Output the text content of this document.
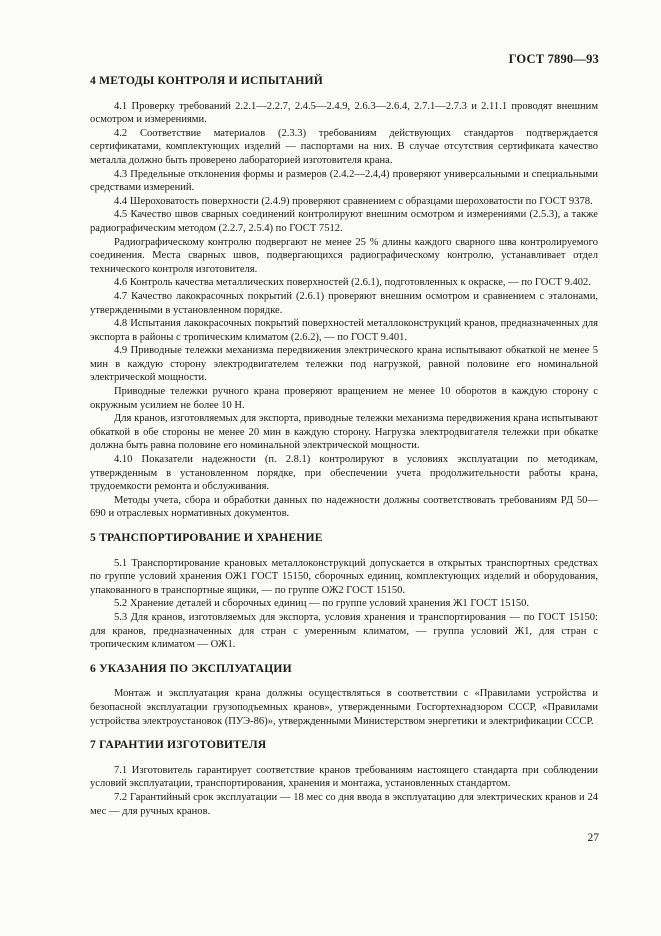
ГОСТ 7890—93
4 МЕТОДЫ КОНТРОЛЯ И ИСПЫТАНИЙ

4.1 Проверку требований 2.2.1—2.2.7, 2.4.5—2.4.9, 2.6.3—2.6.4, 2.7.1—2.7.3 и 2.11.1 проводят внешним осмотром и измерениями.

4.2 Соответствие материалов (2.3.3) требованиям действующих стандартов подтверждается сертификатами, комплектующих изделий — паспортами на них. В случае отсутствия сертификата качество металла должно быть проверено лабораторией изготовителя крана.

4.3 Предельные отклонения формы и размеров (2.4.2—2.4,4) проверяют универсальными и специальными средствами измерений.

4.4 Шероховатость поверхности (2.4.9) проверяют сравнением с образцами шероховатости по ГОСТ 9378.

4.5 Качество швов сварных соединений контролируют внешним осмотром и измерениями (2.5.3), а также радиографическим методом (2.2.7, 2.5.4) по ГОСТ 7512.

Радиографическому контролю подвергают не менее 25 % длины каждого сварного шва контролируемого соединения. Места сварных швов, подвергающихся радиографическому контролю, устанавливает отдел технического контроля изготовителя.

4.6 Контроль качества металлических поверхностей (2.6.1), подготовленных к окраске, — по ГОСТ 9.402.

4.7 Качество лакокрасочных покрытий (2.6.1) проверяют внешним осмотром и сравнением с эталонами, утвержденными в установленном порядке.

4.8 Испытания лакокрасочных покрытий поверхностей металлоконструкций кранов, предназначенных для экспорта в районы с тропическим климатом (2.6.2), — по ГОСТ 9.401.

4.9 Приводные тележки механизма передвижения электрического крана испытывают обкаткой не менее 5 мин в каждую сторону электродвигателем тележки под нагрузкой, равной половине его номинальной электрической мощности.

Приводные тележки ручного крана проверяют вращением не менее 10 оборотов в каждую сторону с окружным усилием не более 10 Н.

Для кранов, изготовляемых для экспорта, приводные тележки механизма передвижения крана испытывают обкаткой в обе стороны не менее 20 мин в каждую сторону. Нагрузка электродвигателя тележки при обкатке должна быть равна половине его номинальной электрической мощности.

4.10 Показатели надежности (п. 2.8.1) контролируют в условиях эксплуатации по методикам, утвержденным в установленном порядке, при обеспечении учета продолжительности работы крана, трудоемкости ремонта и обслуживания.

Методы учета, сбора и обработки данных по надежности должны соответствовать требованиям РД 50—690 и отраслевых нормативных документов.

5 ТРАНСПОРТИРОВАНИЕ И ХРАНЕНИЕ

5.1 Транспортирование крановых металлоконструкций допускается в открытых транспортных средствах по группе условий хранения ОЖ1 ГОСТ 15150, сборочных единиц, комплектующих изделий и оборудования, упакованного в транспортные ящики, — по группе ОЖ2 ГОСТ 15150.

5.2 Хранение деталей и сборочных единиц — по группе условий хранения Ж1 ГОСТ 15150.

5.3 Для кранов, изготовляемых для экспорта, условия хранения и транспортирования — по ГОСТ 15150: для кранов, предназначенных для стран с умеренным климатом, — группа условий Ж1, для стран с тропическим климатом — ОЖ1.

6 УКАЗАНИЯ ПО ЭКСПЛУАТАЦИИ

Монтаж и эксплуатация крана должны осуществляться в соответствии с «Правилами устройства и безопасной эксплуатации грузоподъемных кранов», утвержденными Госгортехнадзором СССР, «Правилами устройства электроустановок (ПУЭ-86)», утвержденными Министерством энергетики и электрификации СССР.

7 ГАРАНТИИ ИЗГОТОВИТЕЛЯ

7.1 Изготовитель гарантирует соответствие кранов требованиям настоящего стандарта при соблюдении условий эксплуатации, транспортирования, хранения и монтажа, установленных стандартом.

7.2 Гарантийный срок эксплуатации — 18 мес со дня ввода в эксплуатацию для электрических кранов и 24 мес — для ручных кранов.

27
